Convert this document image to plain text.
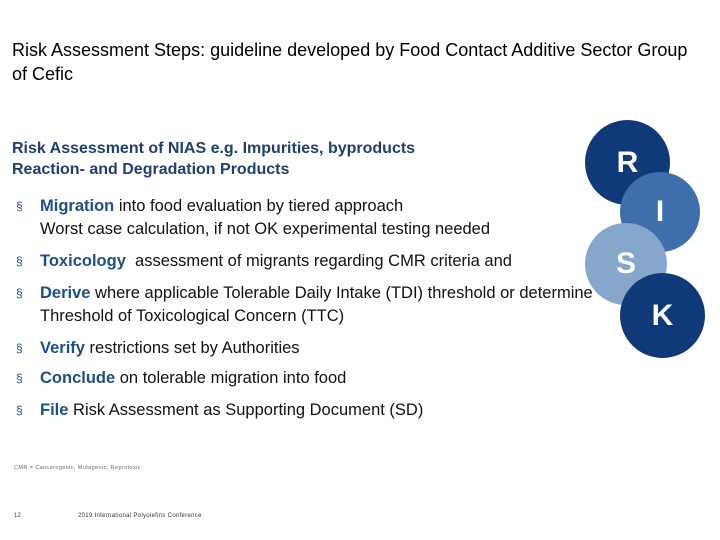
Risk Assessment Steps: guideline developed by Food Contact Additive Sector Group of Cefic
Risk Assessment of NIAS e.g. Impurities, byproducts
Reaction- and Degradation Products
§ Migration into food evaluation by tiered approach
Worst case calculation, if not OK experimental testing needed
§ Toxicology  assessment of migrants regarding CMR criteria and
§ Derive where applicable Tolerable Daily Intake (TDI) threshold or determine Threshold of Toxicological Concern (TTC)
§ Verify restrictions set by Authorities
§ Conclude on tolerable migration into food
§ File Risk Assessment as Supporting Document (SD)
R
I
S
K
CMR = Cancerogenic, Mutagenic, Reprotoxic
12	2019 International Polyolefins Conference
